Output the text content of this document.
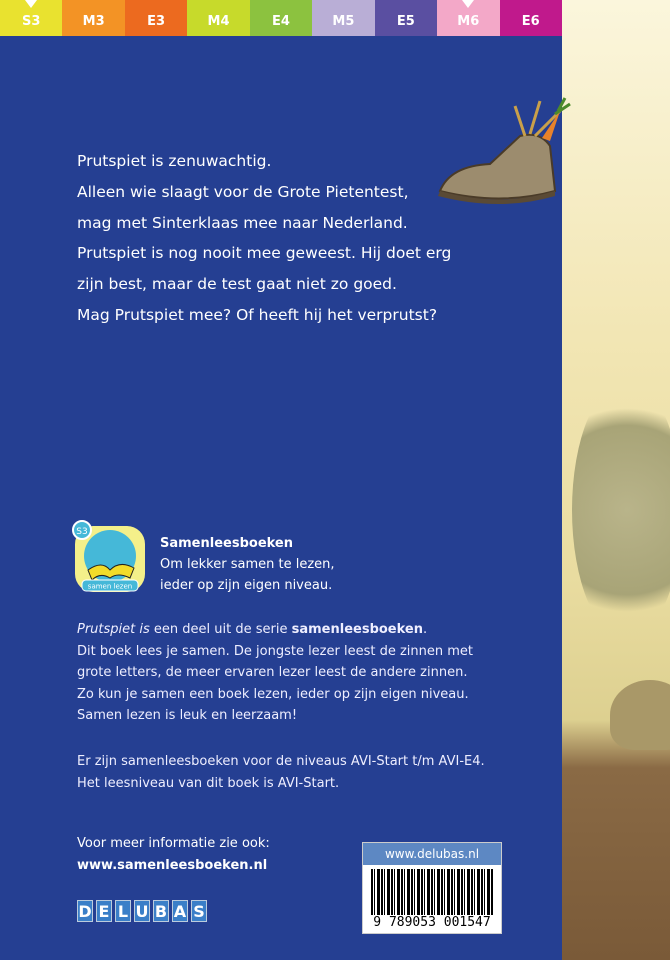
S3	M3	E3	M4	E4	M5	E5	M6	E6
Prutspiet is zenuwachtig.
Alleen wie slaagt voor de Grote Pietentest,
mag met Sinterklaas mee naar Nederland.
Prutspiet is nog nooit mee geweest. Hij doet erg
zijn best, maar de test gaat niet zo goed.
Mag Prutspiet mee? Of heeft hij het verprutst?
S3
samen lezen
Samenleesboeken
Om lekker samen te lezen,
ieder op zijn eigen niveau.
Prutspiet is een deel uit de serie samenleesboeken.
Dit boek lees je samen. De jongste lezer leest de zinnen met
grote letters, de meer ervaren lezer leest de andere zinnen.
Zo kun je samen een boek lezen, ieder op zijn eigen niveau.
Samen lezen is leuk en leerzaam!
Er zijn samenleesboeken voor de niveaus AVI-Start t/m AVI-E4.
Het leesniveau van dit boek is AVI-Start.
Voor meer informatie zie ook:
www.samenleesboeken.nl
D E L U B A S
www.delubas.nl
9 789053 001547
